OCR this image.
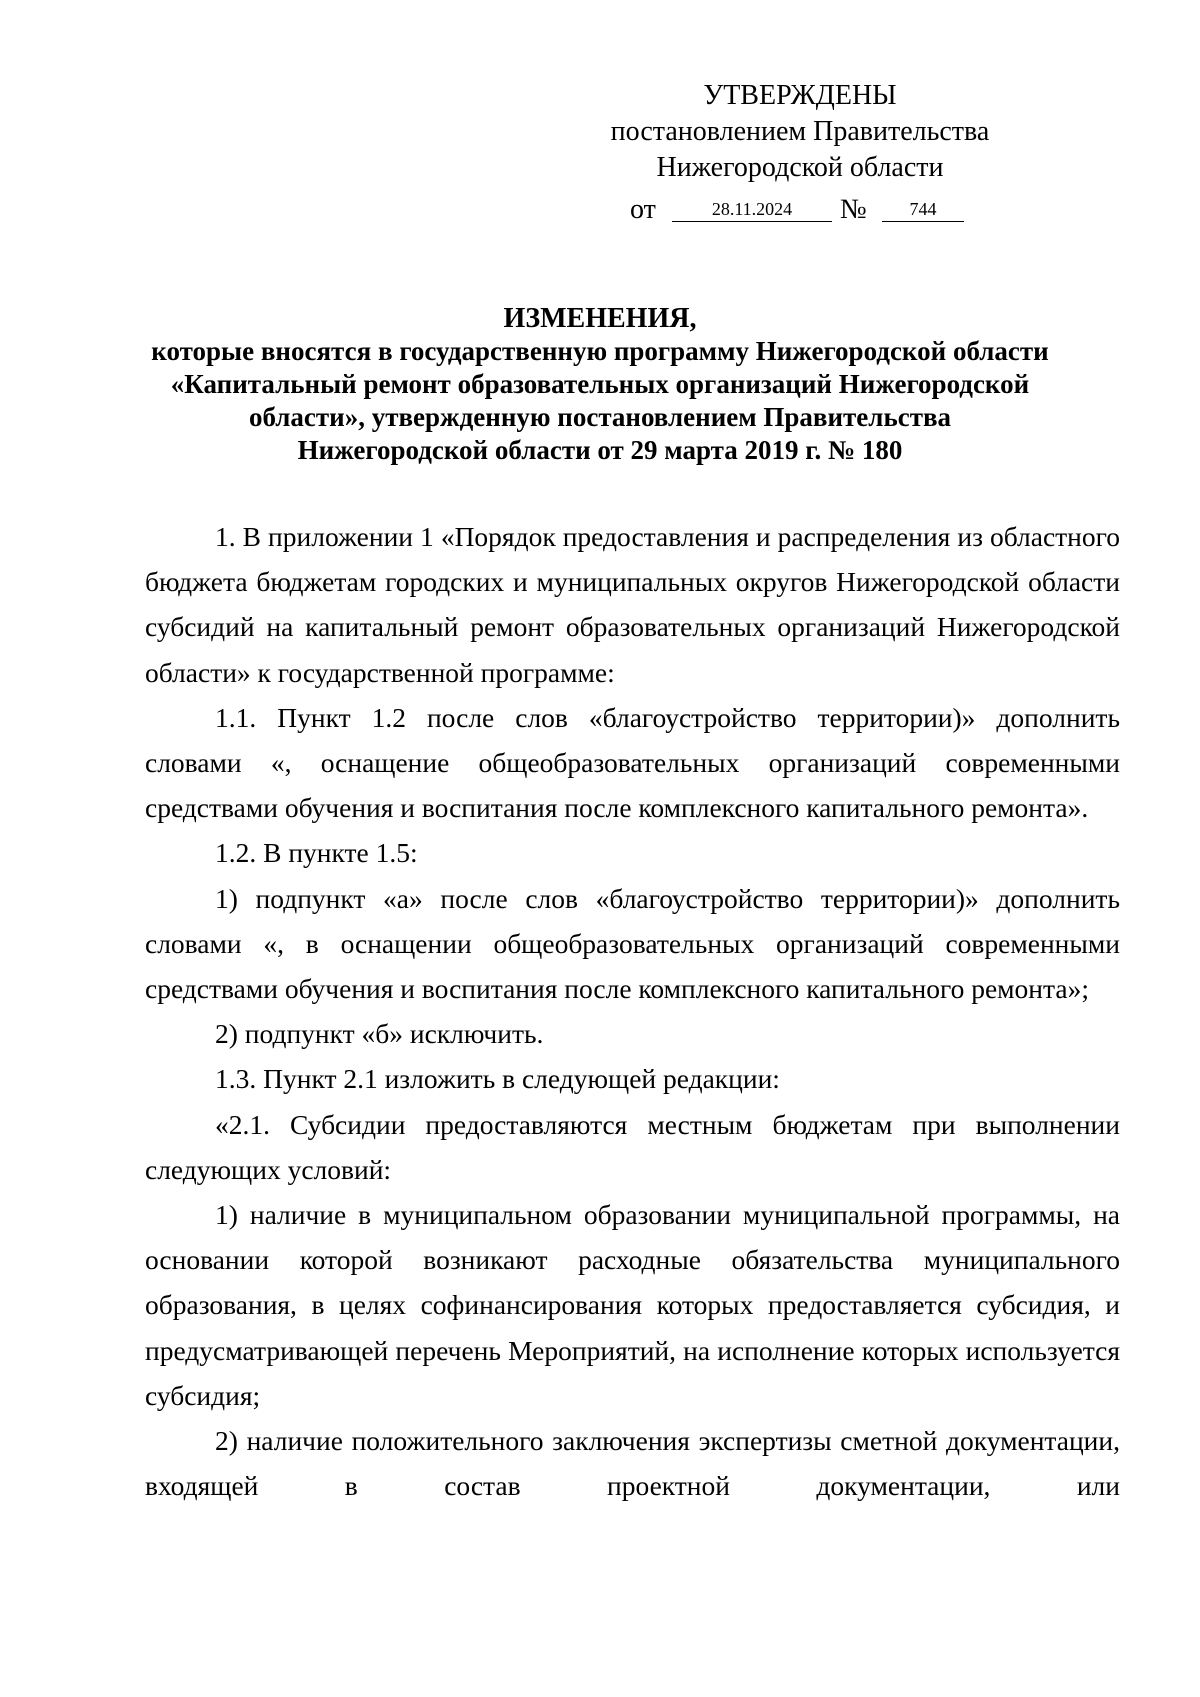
УТВЕРЖДЕНЫ
постановлением Правительства
Нижегородской области
от	28.11.2024	№	744
ИЗМЕНЕНИЯ,
которые вносятся в государственную программу Нижегородской области
«Капитальный ремонт образовательных организаций Нижегородской
области», утвержденную постановлением Правительства
Нижегородской области от 29 марта 2019 г. № 180

1. В приложении 1 «Порядок предоставления и распределения из областного бюджета бюджетам городских и муниципальных округов Нижегородской области субсидий на капитальный ремонт образовательных организаций Нижегородской области» к государственной программе:

1.1. Пункт 1.2 после слов «благоустройство территории)» дополнить словами «, оснащение общеобразовательных организаций современными средствами обучения и воспитания после комплексного капитального ремонта».

1.2. В пункте 1.5:

1) подпункт «а» после слов «благоустройство территории)» дополнить словами «, в оснащении общеобразовательных организаций современными средствами обучения и воспитания после комплексного капитального ремонта»;

2) подпункт «б» исключить.

1.3. Пункт 2.1 изложить в следующей редакции:

«2.1. Субсидии предоставляются местным бюджетам при выполнении следующих условий:

1) наличие в муниципальном образовании муниципальной программы, на основании которой возникают расходные обязательства муниципального образования, в целях софинансирования которых предоставляется субсидия, и предусматривающей перечень Мероприятий, на исполнение которых используется субсидия;

2) наличие положительного заключения экспертизы сметной документации, входящей в состав проектной документации, или
